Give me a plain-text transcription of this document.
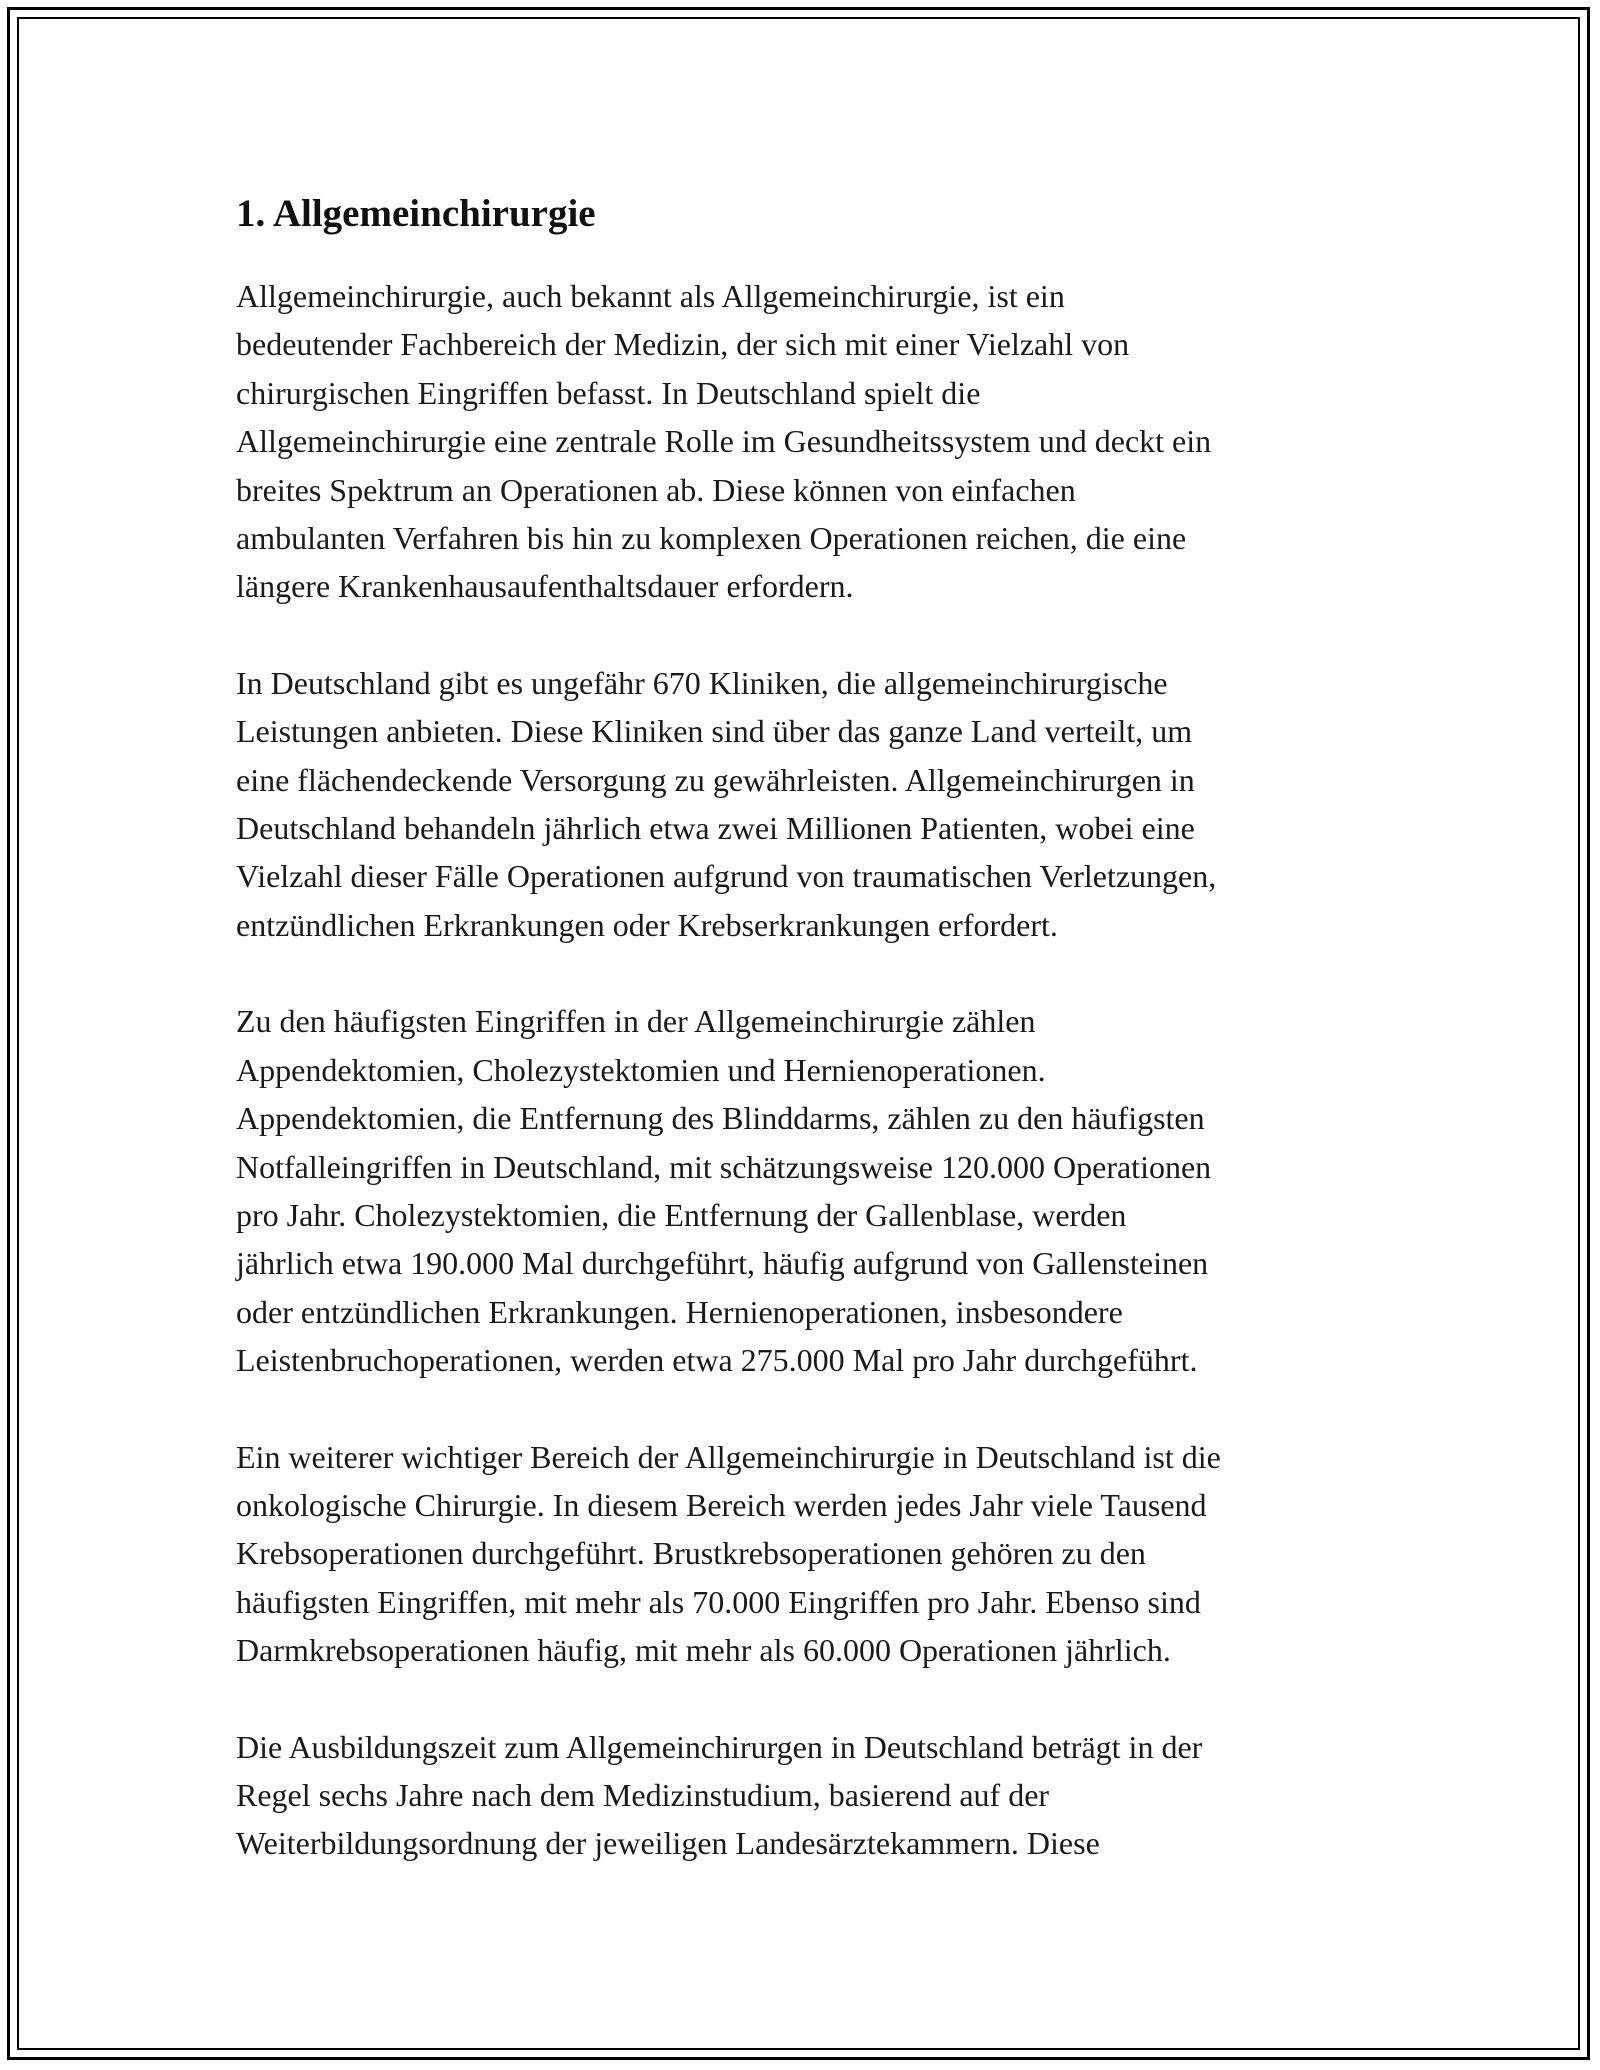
1. Allgemeinchirurgie

Allgemeinchirurgie, auch bekannt als Allgemeinchirurgie, ist ein
bedeutender Fachbereich der Medizin, der sich mit einer Vielzahl von
chirurgischen Eingriffen befasst. In Deutschland spielt die
Allgemeinchirurgie eine zentrale Rolle im Gesundheitssystem und deckt ein
breites Spektrum an Operationen ab. Diese können von einfachen
ambulanten Verfahren bis hin zu komplexen Operationen reichen, die eine
längere Krankenhausaufenthaltsdauer erfordern.

In Deutschland gibt es ungefähr 670 Kliniken, die allgemeinchirurgische
Leistungen anbieten. Diese Kliniken sind über das ganze Land verteilt, um
eine flächendeckende Versorgung zu gewährleisten. Allgemeinchirurgen in
Deutschland behandeln jährlich etwa zwei Millionen Patienten, wobei eine
Vielzahl dieser Fälle Operationen aufgrund von traumatischen Verletzungen,
entzündlichen Erkrankungen oder Krebserkrankungen erfordert.

Zu den häufigsten Eingriffen in der Allgemeinchirurgie zählen
Appendektomien, Cholezystektomien und Hernienoperationen.
Appendektomien, die Entfernung des Blinddarms, zählen zu den häufigsten
Notfalleingriffen in Deutschland, mit schätzungsweise 120.000 Operationen
pro Jahr. Cholezystektomien, die Entfernung der Gallenblase, werden
jährlich etwa 190.000 Mal durchgeführt, häufig aufgrund von Gallensteinen
oder entzündlichen Erkrankungen. Hernienoperationen, insbesondere
Leistenbruchoperationen, werden etwa 275.000 Mal pro Jahr durchgeführt.

Ein weiterer wichtiger Bereich der Allgemeinchirurgie in Deutschland ist die
onkologische Chirurgie. In diesem Bereich werden jedes Jahr viele Tausend
Krebsoperationen durchgeführt. Brustkrebsoperationen gehören zu den
häufigsten Eingriffen, mit mehr als 70.000 Eingriffen pro Jahr. Ebenso sind
Darmkrebsoperationen häufig, mit mehr als 60.000 Operationen jährlich.

Die Ausbildungszeit zum Allgemeinchirurgen in Deutschland beträgt in der
Regel sechs Jahre nach dem Medizinstudium, basierend auf der
Weiterbildungsordnung der jeweiligen Landesärztekammern. Diese
